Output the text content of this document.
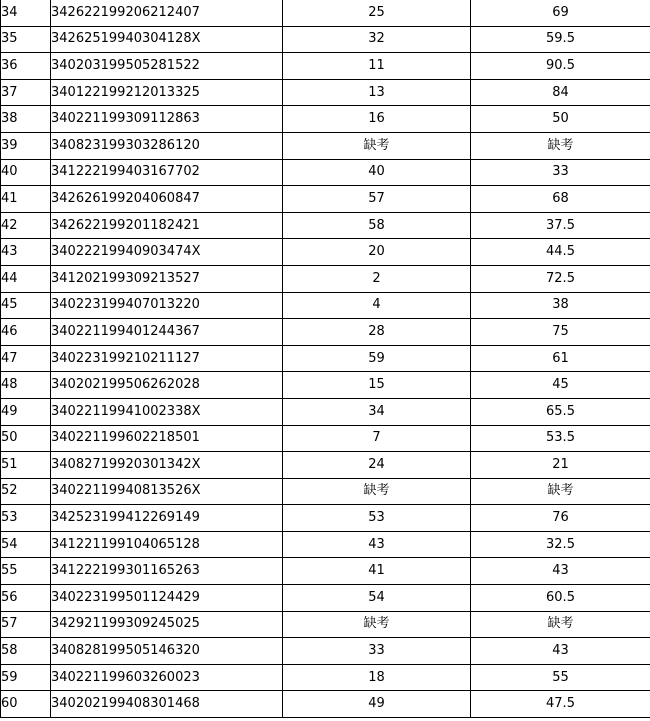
34	342622199206212407	25	69
35	34262519940304128X	32	59.5
36	340203199505281522	11	90.5
37	340122199212013325	13	84
38	340221199309112863	16	50
39	340823199303286120	缺考	缺考
40	341222199403167702	40	33
41	342626199204060847	57	68
42	342622199201182421	58	37.5
43	34022219940903474X	20	44.5
44	341202199309213527	2	72.5
45	340223199407013220	4	38
46	340221199401244367	28	75
47	340223199210211127	59	61
48	340202199506262028	15	45
49	34022119941002338X	34	65.5
50	340221199602218501	7	53.5
51	34082719920301342X	24	21
52	34022119940813526X	缺考	缺考
53	342523199412269149	53	76
54	341221199104065128	43	32.5
55	341222199301165263	41	43
56	340223199501124429	54	60.5
57	342921199309245025	缺考	缺考
58	340828199505146320	33	43
59	340221199603260023	18	55
60	340202199408301468	49	47.5
